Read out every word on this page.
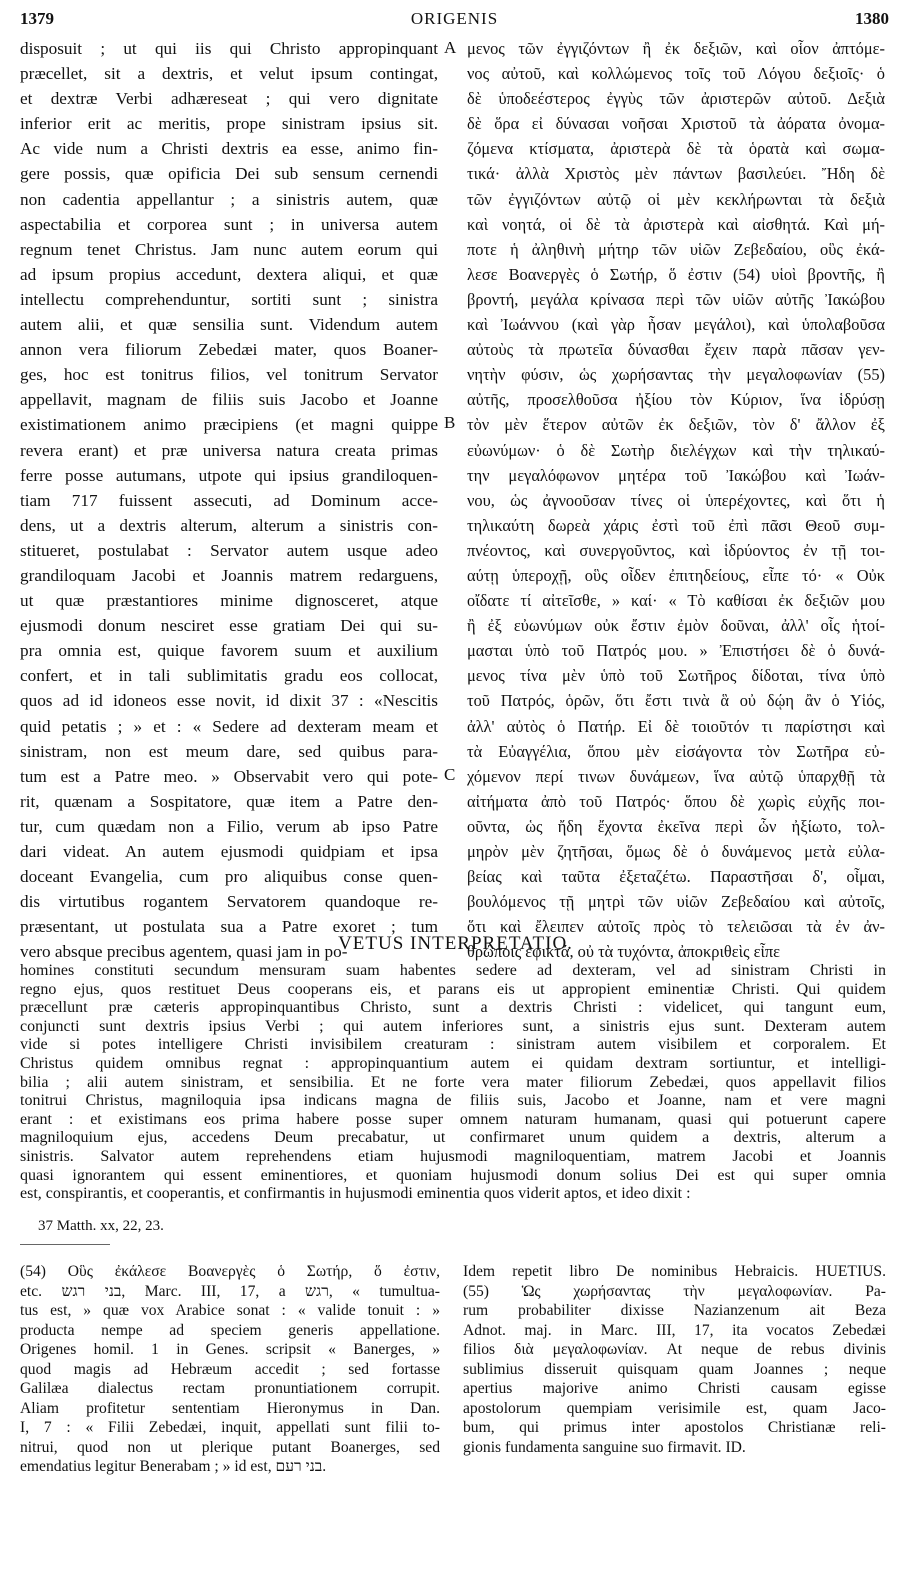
1379	ORIGENIS	1380
disposuit ; ut qui iis qui Christo appropinquant
præcellet, sit a dextris, et velut ipsum contingat,
et dextræ Verbi adhæreseat ; qui vero dignitate
inferior erit ac meritis, prope sinistram ipsius sit.
Ac vide num a Christi dextris ea esse, animo fin-
gere possis, quæ opificia Dei sub sensum cernendi
non cadentia appellantur ; a sinistris autem, quæ
aspectabilia et corporea sunt ; in universa autem
regnum tenet Christus. Jam nunc autem eorum qui
ad ipsum propius accedunt, dextera aliqui, et quæ
intellectu comprehenduntur, sortiti sunt ; sinistra
autem alii, et quæ sensilia sunt. Videndum autem
annon vera filiorum Zebedæi mater, quos Boaner-
ges, hoc est tonitrus filios, vel tonitrum Servator
appellavit, magnam de filiis suis Jacobo et Joanne
existimationem animo præcipiens (et magni quippe
revera erant) et præ universa natura creata primas
ferre posse autumans, utpote qui ipsius grandiloquen-
tiam 717 fuissent assecuti, ad Dominum acce-
dens, ut a dextris alterum, alterum a sinistris con-
stitueret, postulabat : Servator autem usque adeo
grandiloquam Jacobi et Joannis matrem redarguens,
ut quæ præstantiores minime dignosceret, atque
ejusmodi donum nesciret esse gratiam Dei qui su-
pra omnia est, quique favorem suum et auxilium
confert, et in tali sublimitatis gradu eos collocat,
quos ad id idoneos esse novit, id dixit 37 : «Nescitis
quid petatis ; » et : « Sedere ad dexteram meam et
sinistram, non est meum dare, sed quibus para-
tum est a Patre meo. » Observabit vero qui pote-
rit, quænam a Sospitatore, quæ item a Patre den-
tur, cum quædam non a Filio, verum ab ipso Patre
dari videat. An autem ejusmodi quidpiam et ipsa
doceant Evangelia, cum pro aliquibus conse quen-
dis virtutibus rogantem Servatorem quandoque re-
præsentant, ut postulata sua a Patre exoret ; tum
vero absque precibus agentem, quasi jam in po-
μενος τῶν ἐγγιζόντων ἢ ἐκ δεξιῶν, καὶ οἷον ἀπτόμε-
νος αὐτοῦ, καὶ κολλώμενος τοῖς τοῦ Λόγου δεξιοῖς· ὁ
δὲ ὑποδεέστερος ἐγγὺς τῶν ἀριστερῶν αὐτοῦ. Δεξιὰ
δὲ ὅρα εἰ δύνασαι νοῆσαι Χριστοῦ τὰ ἀόρατα ὀνομα-
ζόμενα κτίσματα, ἀριστερὰ δὲ τὰ ὁρατὰ καὶ σωμα-
τικά· ἀλλὰ Χριστὸς μὲν πάντων βασιλεύει. Ἤδη δὲ
τῶν ἐγγιζόντων αὐτῷ οἱ μὲν κεκλήρωνται τὰ δεξιὰ
καὶ νοητά, οἱ δὲ τὰ ἀριστερὰ καὶ αἰσθητά. Καὶ μή-
ποτε ἡ ἀληθινὴ μήτηρ τῶν υἱῶν Ζεβεδαίου, οὓς ἐκά-
λεσε Βοανεργὲς ὁ Σωτήρ, ὅ ἐστιν (54) υἱοὶ βροντῆς, ἢ
βροντή, μεγάλα κρίνασα περὶ τῶν υἱῶν αὐτῆς Ἰακώβου
καὶ Ἰωάννου (καὶ γὰρ ἦσαν μεγάλοι), καὶ ὑπολαβοῦσα
αὐτοὺς τὰ πρωτεῖα δύνασθαι ἔχειν παρὰ πᾶσαν γεν-
νητὴν φύσιν, ὡς χωρήσαντας τὴν μεγαλοφωνίαν (55)
αὐτῆς, προσελθοῦσα ἠξίου τὸν Κύριον, ἵνα ἱδρύσῃ
τὸν μὲν ἕτερον αὐτῶν ἐκ δεξιῶν, τὸν δ' ἄλλον ἐξ
εὐωνύμων· ὁ δὲ Σωτὴρ διελέγχων καὶ τὴν τηλικαύ-
την μεγαλόφωνον μητέρα τοῦ Ἰακώβου καὶ Ἰωάν-
νου, ὡς ἀγνοοῦσαν τίνες οἱ ὑπερέχοντες, καὶ ὅτι ἡ
τηλικαύτη δωρεὰ χάρις ἐστὶ τοῦ ἐπὶ πᾶσι Θεοῦ συμ-
πνέοντος, καὶ συνεργοῦντος, καὶ ἱδρύοντος ἐν τῇ τοι-
αύτῃ ὑπεροχῇ, οὓς οἶδεν ἐπιτηδείους, εἶπε τό· « Οὐκ
οἴδατε τί αἰτεῖσθε, » καί· « Τὸ καθίσαι ἐκ δεξιῶν μου
ἢ ἐξ εὐωνύμων οὐκ ἔστιν ἐμὸν δοῦναι, ἀλλ' οἷς ἡτοί-
μασται ὑπὸ τοῦ Πατρός μου. » Ἐπιστήσει δὲ ὁ δυνά-
μενος τίνα μὲν ὑπὸ τοῦ Σωτῆρος δίδοται, τίνα ὑπὸ
τοῦ Πατρός, ὁρῶν, ὅτι ἔστι τινὰ ἃ οὐ δῴη ἂν ὁ Υἱός,
ἀλλ' αὐτὸς ὁ Πατήρ. Εἰ δὲ τοιοῦτόν τι παρίστησι καὶ
τὰ Εὐαγγέλια, ὅπου μὲν εἰσάγοντα τὸν Σωτῆρα εὐ-
χόμενον περί τινων δυνάμεων, ἵνα αὐτῷ ὑπαρχθῇ τὰ
αἰτήματα ἀπὸ τοῦ Πατρός· ὅπου δὲ χωρὶς εὐχῆς ποι-
οῦντα, ὡς ἤδη ἔχοντα ἐκεῖνα περὶ ὧν ἠξίωτο, τολ-
μηρὸν μὲν ζητῆσαι, ὅμως δὲ ὁ δυνάμενος μετὰ εὐλα-
βείας καὶ ταῦτα ἐξεταζέτω. Παραστῆσαι δ', οἶμαι,
βουλόμενος τῇ μητρὶ τῶν υἱῶν Ζεβεδαίου καὶ αὐτοῖς,
ὅτι καὶ ἔλειπεν αὐτοῖς πρὸς τὸ τελειῶσαι τὰ ἐν ἀν-
θρώποις ἐφικτά, οὐ τὰ τυχόντα, ἀποκριθεὶς εἶπε
A
B
C
VETUS INTERPRETATIO.
homines constituti secundum mensuram suam habentes sedere ad dexteram, vel ad sinistram Christi in
regno ejus, quos restituet Deus cooperans eis, et parans eis ut appropient eminentiæ Christi. Qui quidem
præcellunt præ cæteris appropinquantibus Christo, sunt a dextris Christi : videlicet, qui tangunt eum,
conjuncti sunt dextris ipsius Verbi ; qui autem inferiores sunt, a sinistris ejus sunt. Dexteram autem
vide si potes intelligere Christi invisibilem creaturam : sinistram autem visibilem et corporalem. Et
Christus quidem omnibus regnat : appropinquantium autem ei quidam dextram sortiuntur, et intelligi-
bilia ; alii autem sinistram, et sensibilia. Et ne forte vera mater filiorum Zebedæi, quos appellavit filios
tonitrui Christus, magniloquia ipsa indicans magna de filiis suis, Jacobo et Joanne, nam et vere magni
erant : et existimans eos prima habere posse super omnem naturam humanam, quasi qui potuerunt capere
magniloquium ejus, accedens Deum precabatur, ut confirmaret unum quidem a dextris, alterum a
sinistris. Salvator autem reprehendens etiam hujusmodi magniloquentiam, matrem Jacobi et Joannis
quasi ignorantem qui essent eminentiores, et quoniam hujusmodi donum solius Dei est qui super omnia
est, conspirantis, et cooperantis, et confirmantis in hujusmodi eminentia quos viderit aptos, et ideo dixit :
37 Matth. xx, 22, 23.
(54) Οὓς ἐκάλεσε Βοανεργὲς ὁ Σωτήρ, ὅ ἐστιν,
etc. בני רגש, Marc. III, 17, a רגש, « tumultua-
tus est, » quæ vox Arabice sonat : « valide tonuit : »
producta nempe ad speciem generis appellatione.
Origenes homil. 1 in Genes. scripsit « Banerges, »
quod magis ad Hebræum accedit ; sed fortasse
Galilæa dialectus rectam pronuntiationem corrupit.
Aliam profitetur sententiam Hieronymus in Dan.
I, 7 : « Filii Zebedæi, inquit, appellati sunt filii to-
nitrui, quod non ut plerique putant Boanerges, sed
emendatius legitur Benerabam ; » id est, בני רעם.
Idem repetit libro De nominibus Hebraicis. HUETIUS.
(55) Ὡς χωρήσαντας τὴν μεγαλοφωνίαν. Pa-
rum probabiliter dixisse Nazianzenum ait Beza
Adnot. maj. in Marc. III, 17, ita vocatos Zebedæi
filios διὰ μεγαλοφωνίαν. At neque de rebus divinis
sublimius disseruit quisquam quam Joannes ; neque
apertius majorive animo Christi causam egisse
apostolorum quempiam verisimile est, quam Jaco-
bum, qui primus inter apostolos Christianæ reli-
gionis fundamenta sanguine suo firmavit. ID.
